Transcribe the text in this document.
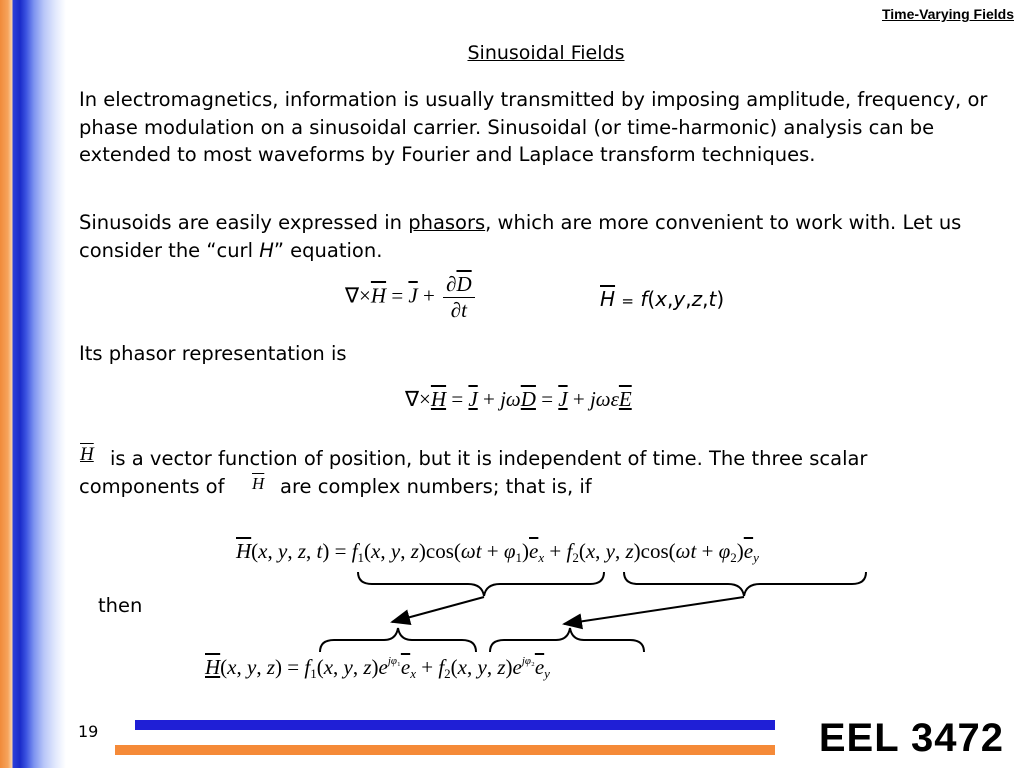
Time-Varying Fields
Sinusoidal Fields
In electromagnetics, information is usually transmitted by imposing amplitude, frequency, or phase modulation on a sinusoidal carrier. Sinusoidal (or time-harmonic) analysis can be extended to most waveforms by Fourier and Laplace transform techniques.
Sinusoids are easily expressed in phasors, which are more convenient to work with. Let us consider the “curl H” equation.
$\nabla\times\overline{H} = \overline{J} + \frac{\partial\overline{D}}{\partial t}$	$\overline{H} = f(x,y,z,t)$
Its phasor representation is
∇×H = J + jωD = J + jωεE
H is a vector function of position, but it is independent of time. The three scalar
components of	$\overline{H}$ are complex numbers; that is, if
$\overline{H}(x$, y, z, $t) = f_1(x$, y, $z)\cos(\omega t + \varphi_1)\overline{e}_x + f_2(x$, y, $z)\cos(\omega t + \varphi_2)\overline{e}_y$
then
H(x, y, $z) = f_1(x$, y, $z)e^{j\varphi_1}\overline{e}_x + f_2(x$, y, $z)e^{j\varphi_2}\overline{e}_y$
19	EEL 3472
